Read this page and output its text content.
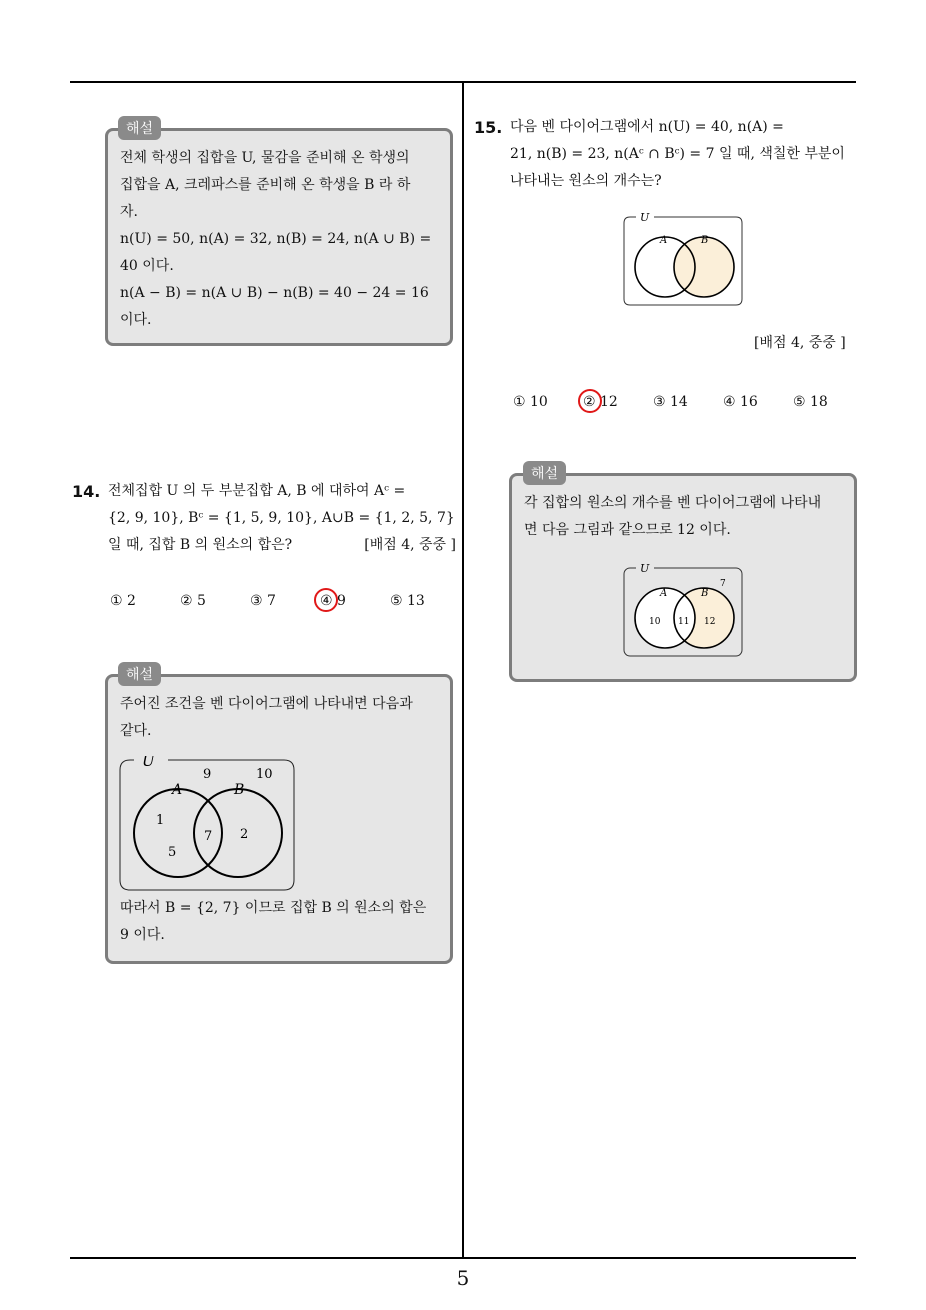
5

전체 학생의 집합을 U, 물감을 준비해 온 학생의

집합을 A, 크레파스를 준비해 온 학생을 B 라 하

자.

n(U) = 50, n(A) = 32, n(B) = 24, n(A ∪ B) =

40 이다.

n(A − B) = n(A ∪ B) − n(B) = 40 − 24 = 16

이다.

해설
14. 전체집합 U 의 두 부분집합 A, B 에 대하여 Aᶜ =
{2, 9, 10}, Bᶜ = {1, 5, 9, 10}, A∪B = {1, 2, 5, 7}
일 때, 집합 B 의 원소의 합은?	[배점 4, 중중 ]
① 2	② 5	③ 7	④ 9	⑤ 13

주어진 조건을 벤 다이어그램에 나타내면 다음과

같다.

U
A	B
9	10
1
5
7 2

따라서 B = {2, 7} 이므로 집합 B 의 원소의 합은

9 이다.

해설
15. 다음 벤 다이어그램에서 n(U) = 40, n(A) =
21, n(B) = 23, n(Aᶜ ∩ Bᶜ) = 7 일 때, 색칠한 부분이
나타내는 원소의 개수는?
U
A	B
[배점 4, 중중 ]
① 10	② 12	③ 14	④ 16	⑤ 18

각 집합의 원소의 개수를 벤 다이어그램에 나타내

면 다음 그림과 같으므로 12 이다.

U
A	B
7
10 11 12
해설
